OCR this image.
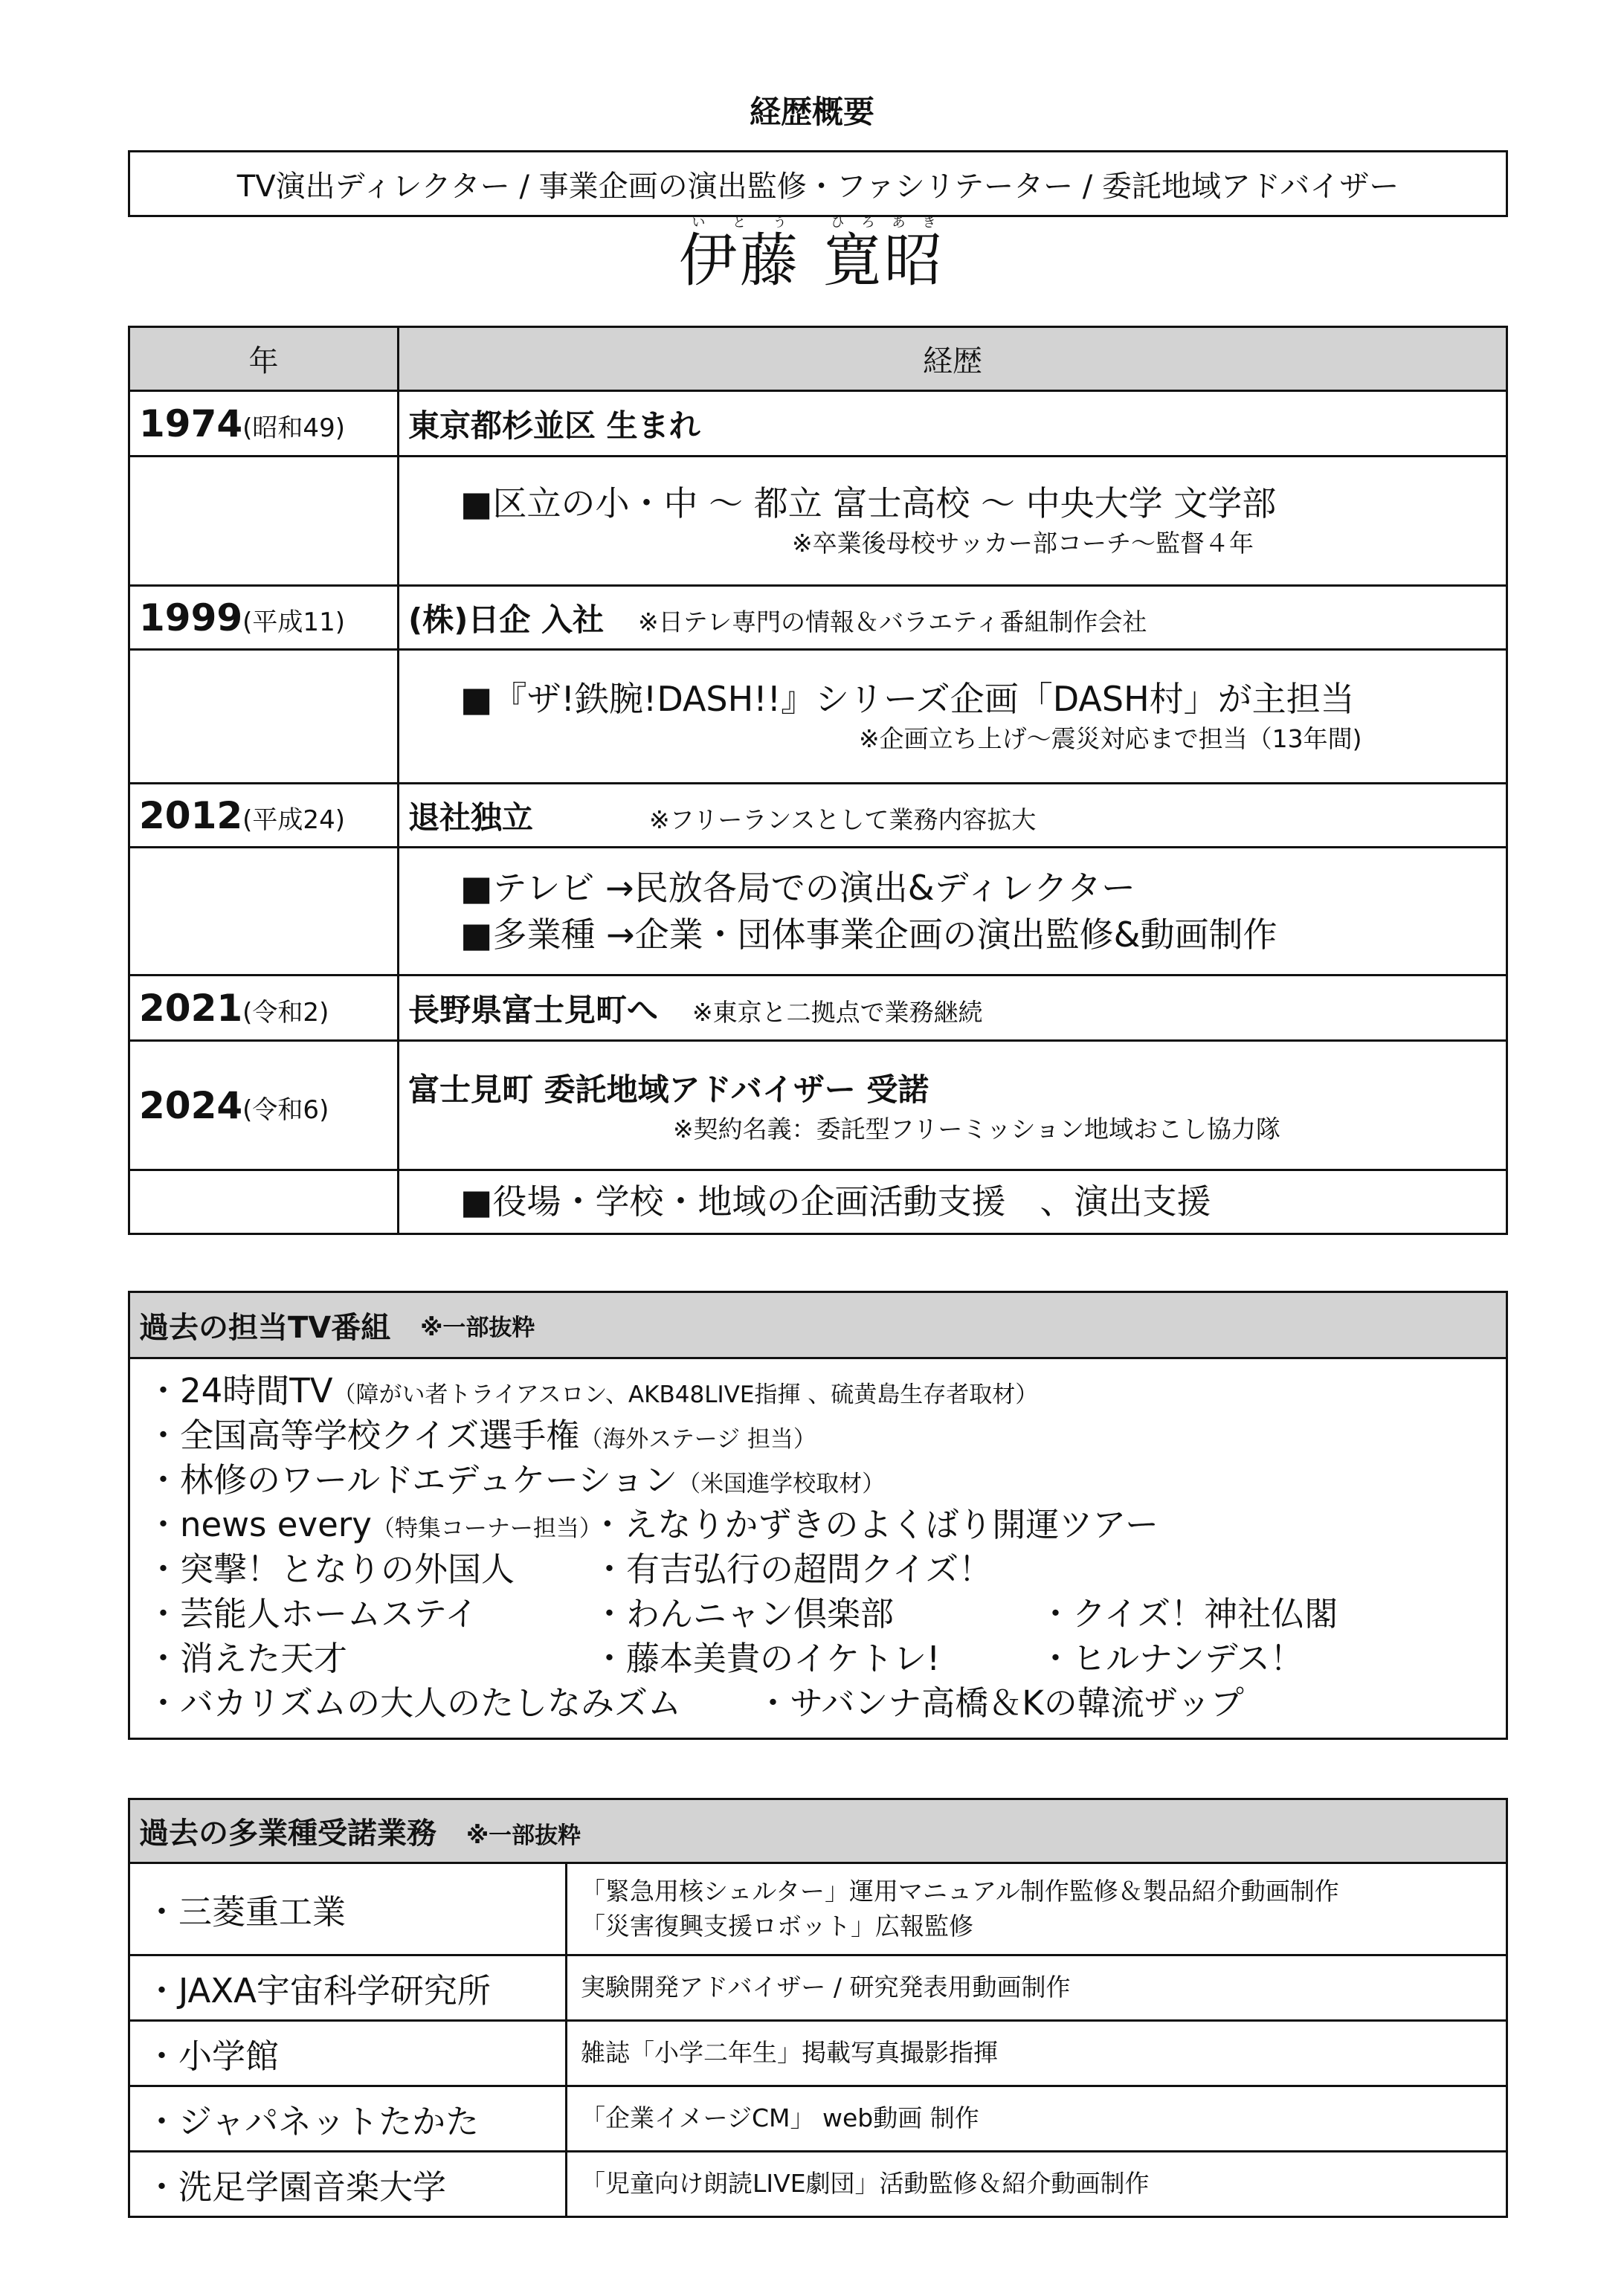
経歴概要
TV演出ディレクター / 事業企画の演出監修・ファシリテーター / 委託地域アドバイザー
伊藤いとう寛昭ひろあき
年	経歴
1974(昭和49)	東京都杉並区 生まれ

	■区立の小・中 ～ 都立 富士高校 ～ 中央大学 文学部
※卒業後母校サッカー部コーチ～監督４年

1999(平成11)	(株)日企 入社 ※日テレ専門の情報＆バラエティ番組制作会社

	■『ザ!鉄腕!DASH!!』シリーズ企画「DASH村」が主担当
※企画立ち上げ～震災対応まで担当（13年間)

2012(平成24)	退社独立 ※フリーランスとして業務内容拡大

	■テレビ →民放各局での演出&ディレクター
■多業種 →企業・団体事業企画の演出監修&動画制作

2021(令和2)	長野県富士見町へ ※東京と二拠点で業務継続
2024(令和6)	富士見町 委託地域アドバイザー 受諾
※契約名義：委託型フリーミッション地域おこし協力隊

	■役場・学校・地域の企画活動支援　、演出支援
過去の担当TV番組 ※一部抜粋
・24時間TV（障がい者トライアスロン、AKB48LIVE指揮 、硫黄島生存者取材）
・全国高等学校クイズ選手権（海外ステージ 担当）
・林修のワールドエデュケーション（米国進学校取材）
・news every（特集コーナー担当）・えなりかずきのよくばり開運ツアー
・突撃！となりの外国人 ・有吉弘行の超問クイズ！
・芸能人ホームステイ	・わんニャン倶楽部	・クイズ！神社仏閣
・消えた天才	・藤本美貴のイケトレ!	・ヒルナンデス！
・バカリズムの大人のたしなみズム ・サバンナ高橋＆Kの韓流ザップ
過去の多業種受諾業務 ※一部抜粋	
・三菱重工業	「緊急用核シェルター」運用マニュアル制作監修＆製品紹介動画制作
「災害復興支援ロボット」広報監修

・JAXA宇宙科学研究所	実験開発アドバイザー / 研究発表用動画制作

・小学館	雑誌「小学二年生」掲載写真撮影指揮

・ジャパネットたかた	「企業イメージCM」 web動画 制作

・洗足学園音楽大学	「児童向け朗読LIVE劇団」活動監修＆紹介動画制作
